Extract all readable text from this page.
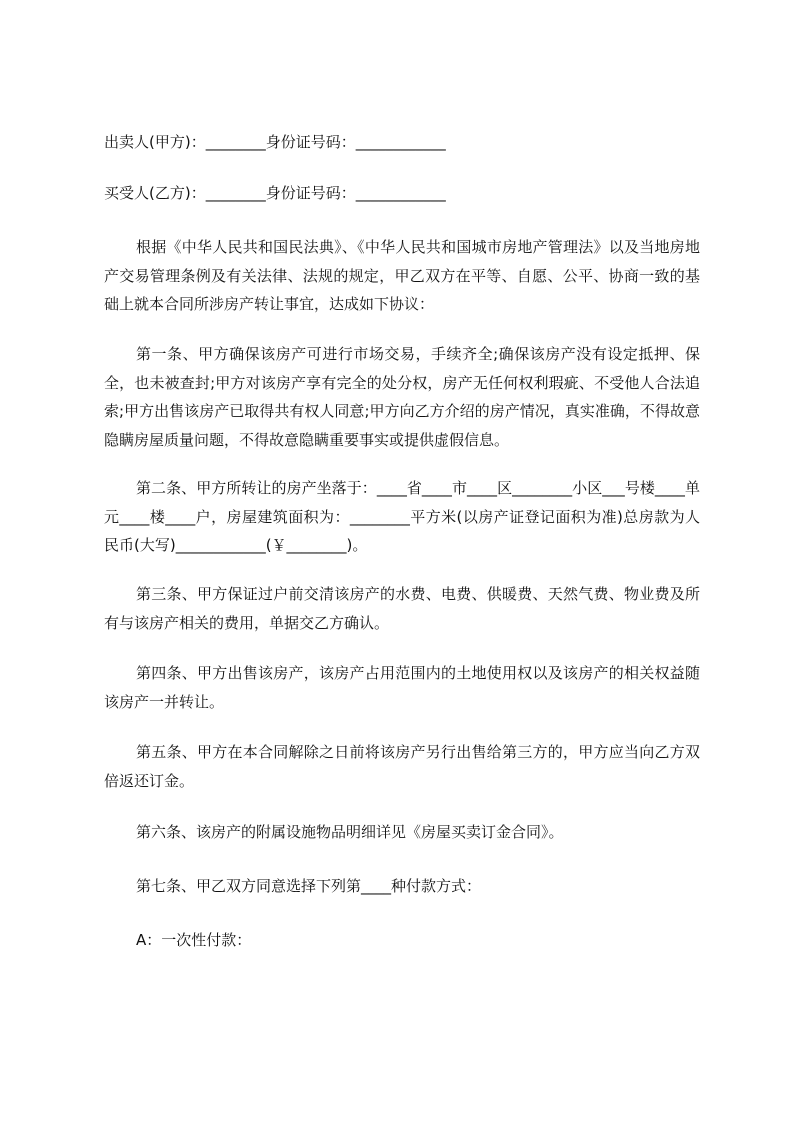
出卖人(甲方)：________身份证号码：____________

买受人(乙方)：________身份证号码：____________

根据《中华人民共和国民法典》、《中华人民共和国城市房地产管理法》以及当地房地产交易管理条例及有关法律、法规的规定，甲乙双方在平等、自愿、公平、协商一致的基础上就本合同所涉房产转让事宜，达成如下协议：

第一条、甲方确保该房产可进行市场交易，手续齐全;确保该房产没有设定抵押、保全，也未被查封;甲方对该房产享有完全的处分权，房产无任何权利瑕疵、不受他人合法追索;甲方出售该房产已取得共有权人同意;甲方向乙方介绍的房产情况，真实准确，不得故意隐瞒房屋质量问题，不得故意隐瞒重要事实或提供虚假信息。

第二条、甲方所转让的房产坐落于：____省____市____区________小区___号楼____单元____楼____户，房屋建筑面积为：________平方米(以房产证登记面积为准)总房款为人民币(大写)____________(￥________)。

第三条、甲方保证过户前交清该房产的水费、电费、供暖费、天然气费、物业费及所有与该房产相关的费用，单据交乙方确认。

第四条、甲方出售该房产，该房产占用范围内的土地使用权以及该房产的相关权益随该房产一并转让。

第五条、甲方在本合同解除之日前将该房产另行出售给第三方的，甲方应当向乙方双倍返还订金。

第六条、该房产的附属设施物品明细详见《房屋买卖订金合同》。

第七条、甲乙双方同意选择下列第____种付款方式：

A：一次性付款：
